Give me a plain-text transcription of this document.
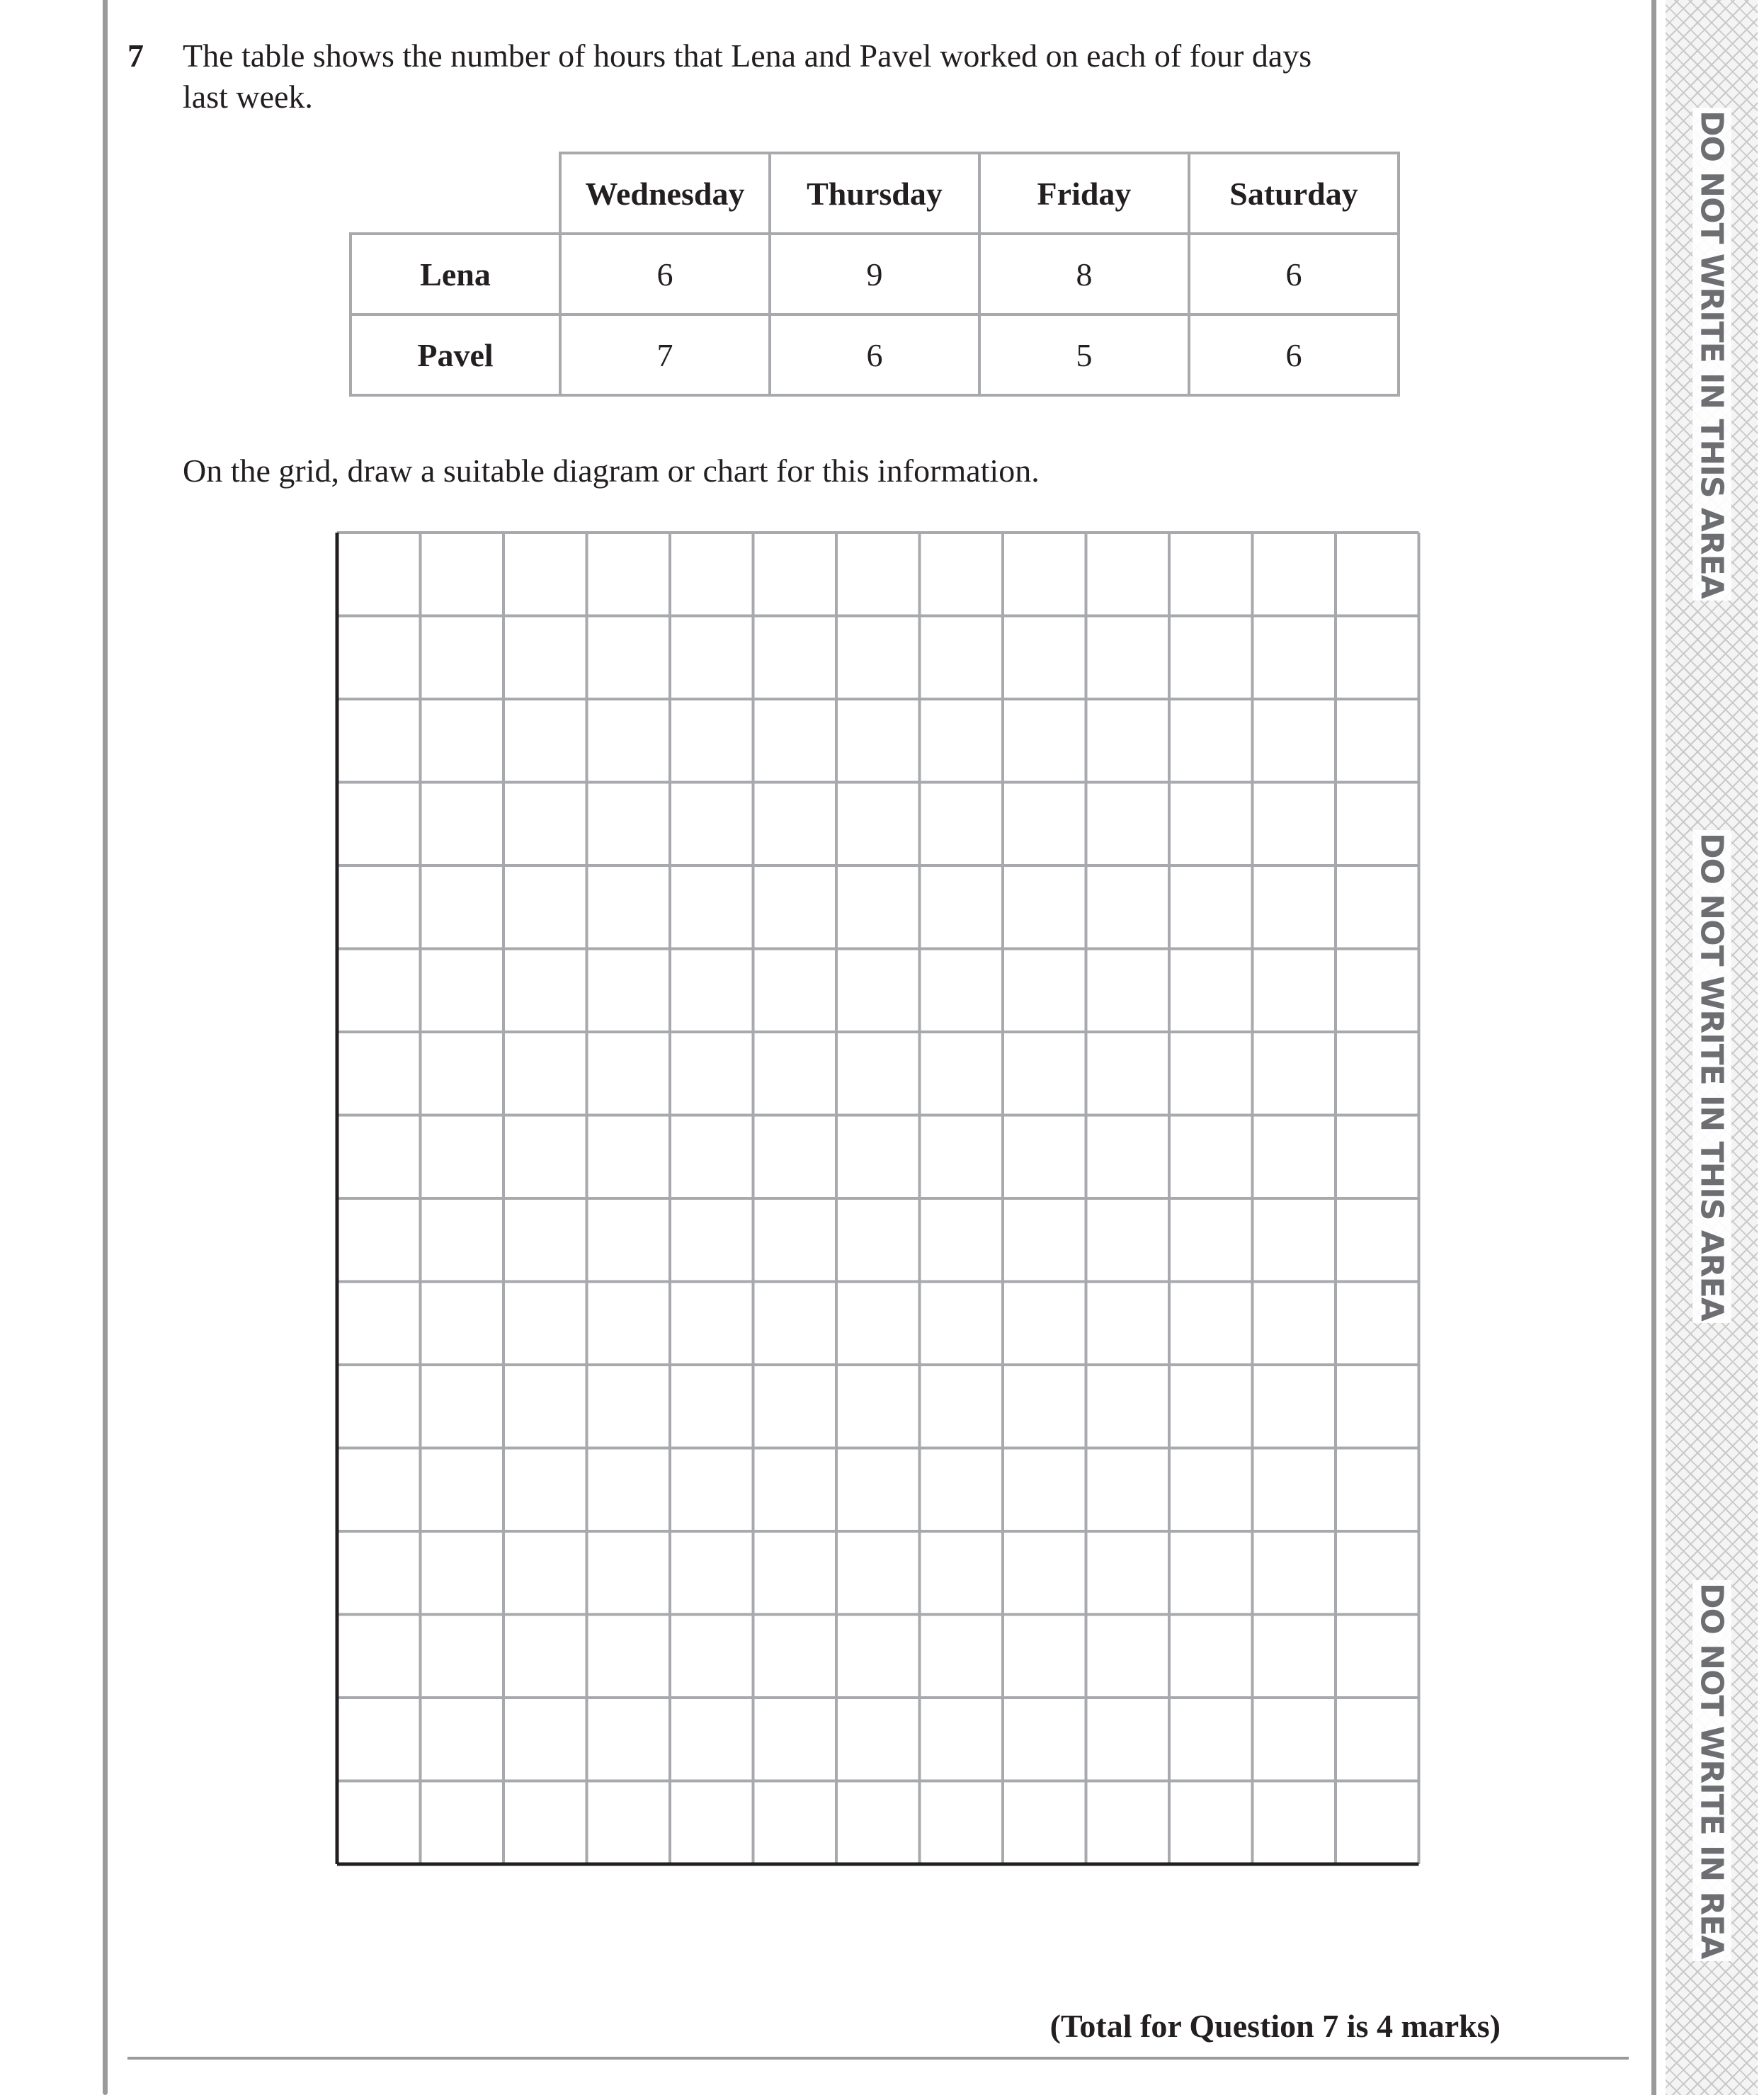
7 The table shows the number of hours that Lena and Pavel worked on each of four days
last week.
	Wednesday	Thursday	Friday	Saturday
Lena	6	9	8	6
Pavel	7	6	5	6
On the grid, draw a suitable diagram or chart for this information.
(Total for Question 7 is 4 marks)
DO NOT WRITE IN THIS AREA
DO NOT WRITE IN THIS AREA
DO NOT WRITE IN REA
